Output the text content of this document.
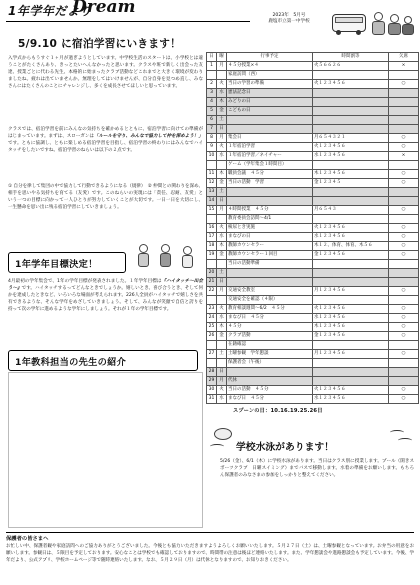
1年学年だより
Dream	2023年　5月号
鹿塩市立第一中学校
5/9.10 に宿泊学習にいきます！
入学式からもうすぐ１ヶ月が過ぎようとしています。中学校生活のスタートは、小学校とは違うことがたくさんあり、きっとたいへんなかったと思います。クラスや班で新しく出会った友達、授業ごとに代わる先生、本格的に始まったクラブ活動などこれまでと大きく環境が変わりましたね。疲れは出ていませんか。無理をしてはいけませんが、自分自身を見つめ直し、みなさんにはたくさんのことにチャレンジし、多くを成長させてほしいと思っています。
クラスでは、宿泊学習を前にみんなの気持ちを確かめるとともに、宿泊学習に向けての準備がはじまっています。まずは、スローガンは「ルールを守り、みんなで協力して仲を深めよう！」です。ともに協調し、ともに楽しめる宿泊学習を目指し、宿泊学習の終わりにはみんなでハイタッチをしたいですね。宿泊学習のねらいは以下の２点です。
① 自分を律して集団の中で協力して行動できるようになる（規律）　② 仲間との関わりを深め、相手を思いやる気持ちを育てる（友愛）です。このねらいの実現には「責任、忍耐、友愛」という一つの目標に向かって一人ひとりが努力していくことが大切です。一日一日を大切にし、一生懸命を思い出に残る宿泊学習にしていきましょう。
1年学年目標決定！
4月最初の学年集会で、1年の学年目標が発表されました。１年学年目標は『ハイタッチ～出会う～』です。ハイタッチするってどんなときでしょうか。嬉しいとき、喜び合うとき、そして何かを達成したときなど、いろいろな場面が考えられます。226人全員がハイタッチで嬉しさを共有できるような、そんな学年をめざしていきましょう。そして、みんなが笑顔で自信と誇りを持って次の学年に進めるような学年にしましょう。それが１年の学年目標です。
1年教科担当の先生の紹介
日	曜	行事予定	時間割等	欠席
1	月	４５分授業×４	火５６６２６	×
		家庭訪問（西）		
2	火	当日の学習の準備	火１２３４５６	○
3	水	憲法記念日		
4	木	みどりの日		
5	金	こどもの日		
6	土			
7	日			
8	月	集会日	月６５４３２１	○
9	火	１年宿泊学習	火１２３４５６	○
10	水	１年宿泊学習／ネイチャー	水１２３４５６	×
		ゲーム（学年集会１時間目）		
11	木	職員会議　４５分	木１２３４５６	○
12	金	当日の活動　学習	金１２３４５	○
13	土			
14	日			
15	月	４時間授業　４５分	月６５４３	○
		教育委員会訪問～4/1		
16	火	検尿とき実施	火１２３４５６	○
17	水	まなびの日	水１２３４５６	○
18	木	教師カウンセラー	木１２、体育、体育、木５６	○
19	金	教師カウンセラー１回目	金１２３４５６	○
		当日の活動準備		
20	土			
21	日			
22	月	交通安全教室	月１２３４５６	○
		交通安全を確認（４限）		
23	火	教育相談週間～6/2　４５分	火１２３４５６	○
24	水	まなび日　４５分	水１２３４５６	○
25	木	４５分	木１２３４５６	○
26	金	クラブ活動	金１２３４５６	○
		在籍確認		
27	土	土曜参観　学年懇談	月１２３４５６	○
		保護者会（午後）		
28	日			
29	月	代休		
30	火	当日の活動　４５分	火１２３４５６	○
31	水	まなび日　４５分	水１２３４５６	○
スプーンの日：10.16.19.25.26日
学校水泳があります！
5/26（金）、6/1（木）に学校水泳があります。当日はクラス別に授業します。プール（開きスポーツクラブ　日曜スイミング）までバスで移動します。水着の準備をお願いします。もちろん保護者のみなさまの参加をしっかりと整えてください。
保護者の皆さまへ
お忙しい中、保護者観や家庭訪問へのご協力ありがとうございました。今後とも協力いただきますようよろしくお願いいたします。５月２７日（土）は、土曜参観となっています。お弁当の用意をお願いします。参観日は、５限目を予定しております。安心なことは学校でも確認しておりますので、時間帯の注意は後ほど連絡いたします。また、学年懇談会や進路懇談会も予定しています。今後、学年だより、公式アプリ、学校ホームページ等で随時連絡いたします。なお、５月２９日（月）は代休となりますので、お知りおきください。
